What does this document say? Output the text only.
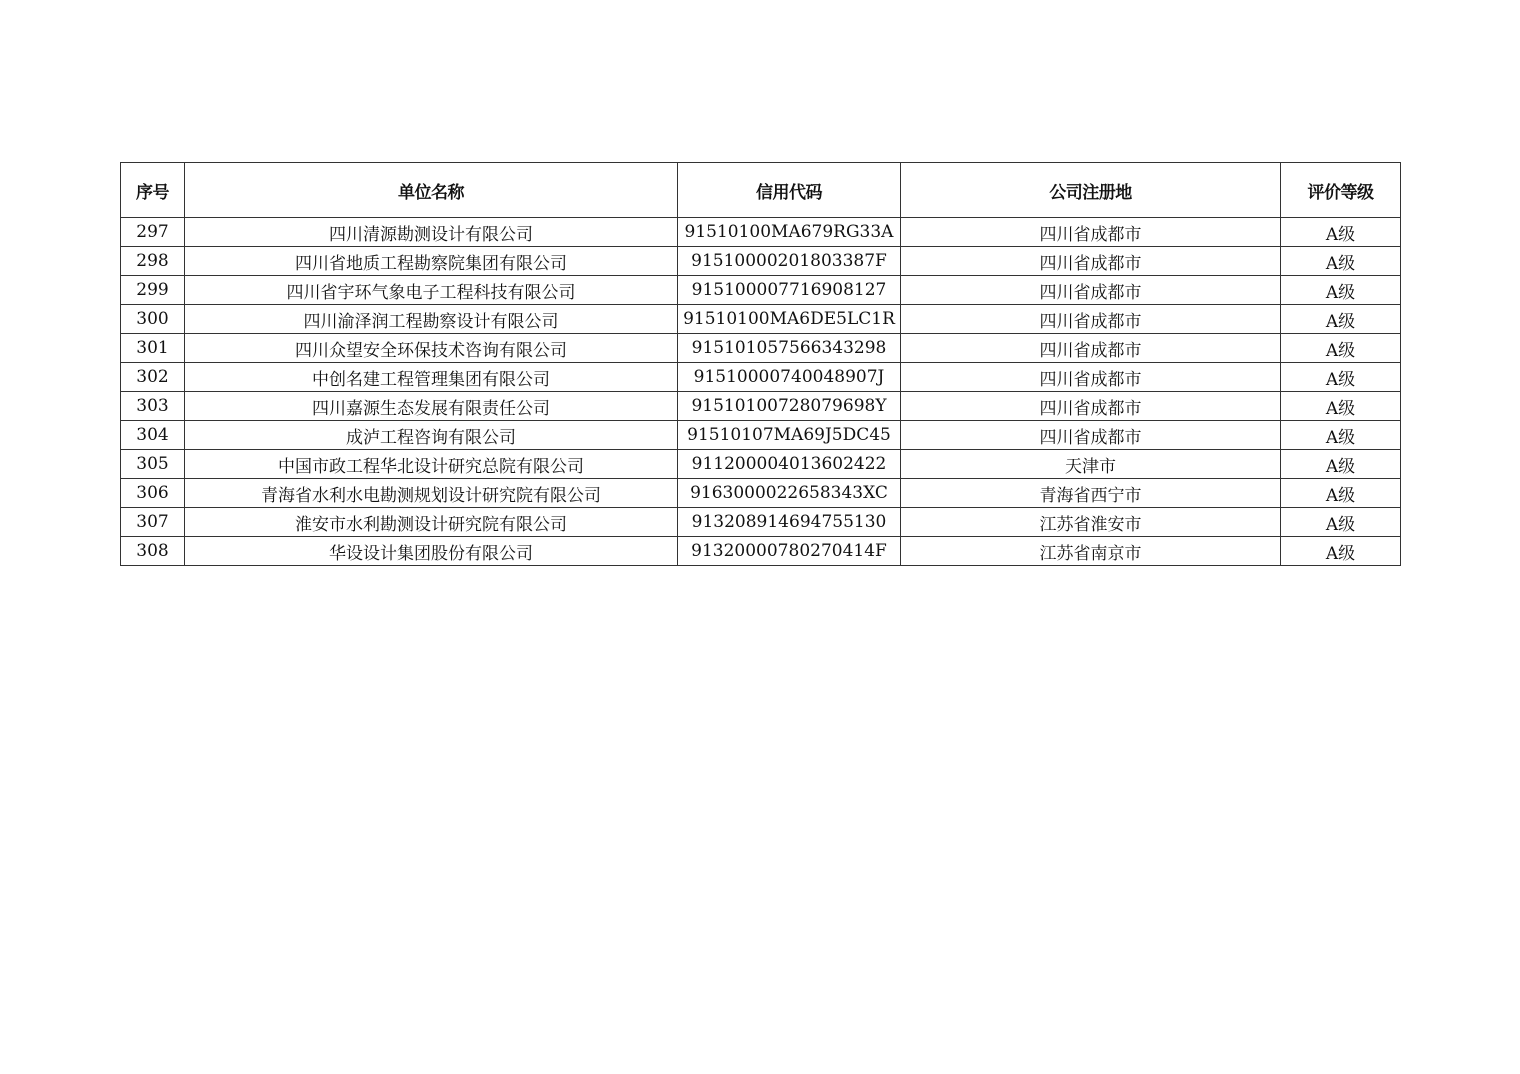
序号	单位名称	信用代码	公司注册地	评价等级
297	四川清源勘测设计有限公司	91510100MA679RG33A	四川省成都市	A级
298	四川省地质工程勘察院集团有限公司	91510000201803387F	四川省成都市	A级
299	四川省宇环气象电子工程科技有限公司	915100007716908127	四川省成都市	A级
300	四川渝泽润工程勘察设计有限公司	91510100MA6DE5LC1R	四川省成都市	A级
301	四川众望安全环保技术咨询有限公司	915101057566343298	四川省成都市	A级
302	中创名建工程管理集团有限公司	91510000740048907J	四川省成都市	A级
303	四川嘉源生态发展有限责任公司	91510100728079698Y	四川省成都市	A级
304	成泸工程咨询有限公司	91510107MA69J5DC45	四川省成都市	A级
305	中国市政工程华北设计研究总院有限公司	911200004013602422	天津市	A级
306	青海省水利水电勘测规划设计研究院有限公司	9163000022658343XC	青海省西宁市	A级
307	淮安市水利勘测设计研究院有限公司	913208914694755130	江苏省淮安市	A级
308	华设设计集团股份有限公司	91320000780270414F	江苏省南京市	A级
